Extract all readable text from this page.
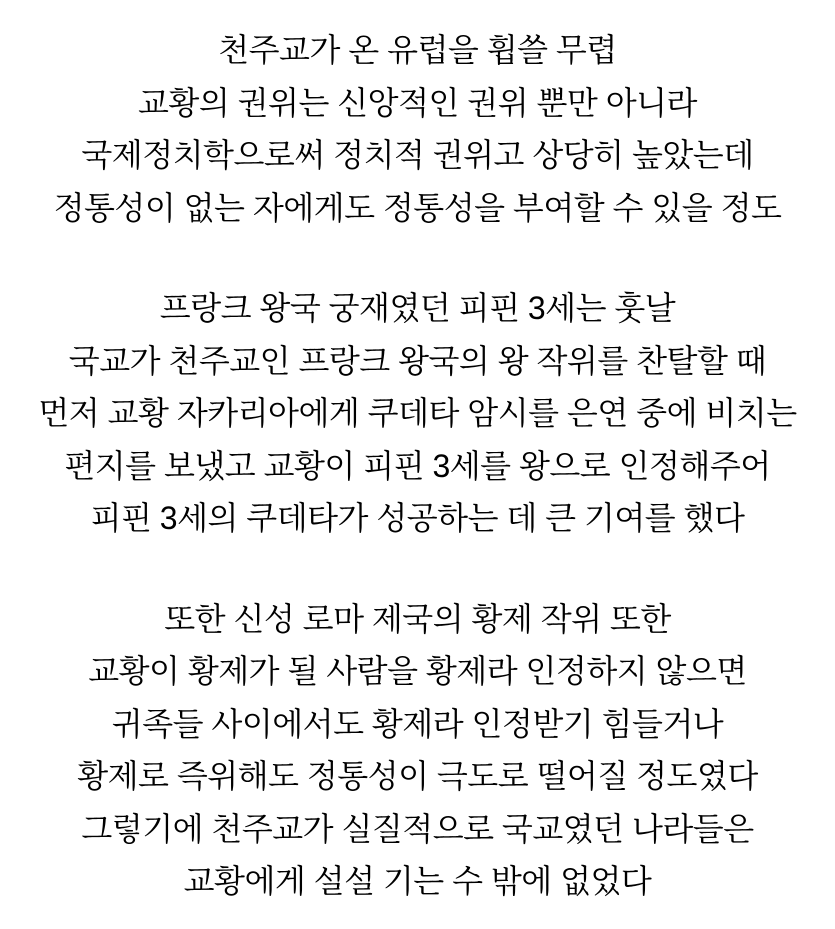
천주교가 온 유럽을 휩쓸 무렵
교황의 권위는 신앙적인 권위 뿐만 아니라
국제정치학으로써 정치적 권위고 상당히 높았는데
정통성이 없는 자에게도 정통성을 부여할 수 있을 정도
프랑크 왕국 궁재였던 피핀 3세는 훗날
국교가 천주교인 프랑크 왕국의 왕 작위를 찬탈할 때
먼저 교황 자카리아에게 쿠데타 암시를 은연 중에 비치는
편지를 보냈고 교황이 피핀 3세를 왕으로 인정해주어
피핀 3세의 쿠데타가 성공하는 데 큰 기여를 했다
또한 신성 로마 제국의 황제 작위 또한
교황이 황제가 될 사람을 황제라 인정하지 않으면
귀족들 사이에서도 황제라 인정받기 힘들거나
황제로 즉위해도 정통성이 극도로 떨어질 정도였다
그렇기에 천주교가 실질적으로 국교였던 나라들은
교황에게 설설 기는 수 밖에 없었다
